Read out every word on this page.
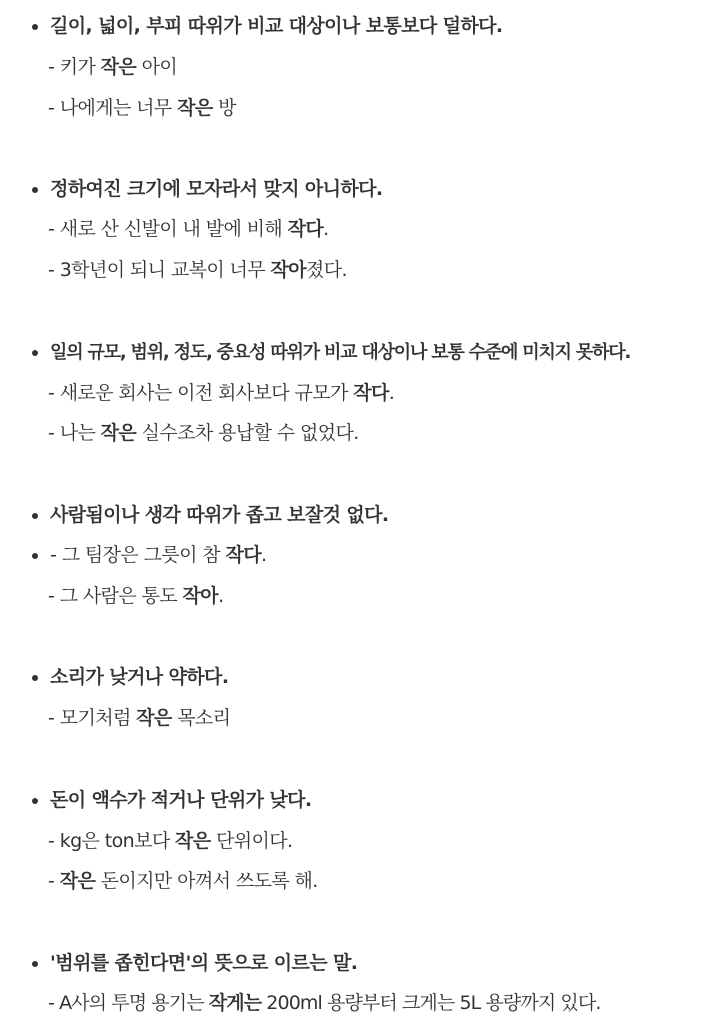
길이, 넓이, 부피 따위가 비교 대상이나 보통보다 덜하다.
- 키가 작은 아이
- 나에게는 너무 작은 방
정하여진 크기에 모자라서 맞지 아니하다.
- 새로 산 신발이 내 발에 비해 작다.
- 3학년이 되니 교복이 너무 작아졌다.
일의 규모, 범위, 정도, 중요성 따위가 비교 대상이나 보통 수준에 미치지 못하다.
- 새로운 회사는 이전 회사보다 규모가 작다.
- 나는 작은 실수조차 용납할 수 없었다.
사람됨이나 생각 따위가 좁고 보잘것 없다.
- 그 팀장은 그릇이 참 작다.
- 그 사람은 통도 작아.
소리가 낮거나 약하다.
- 모기처럼 작은 목소리
돈이 액수가 적거나 단위가 낮다.
- kg은 ton보다 작은 단위이다.
- 작은 돈이지만 아껴서 쓰도록 해.
'범위를 좁힌다면'의 뜻으로 이르는 말.
- A사의 투명 용기는 작게는 200ml 용량부터 크게는 5L 용량까지 있다.
